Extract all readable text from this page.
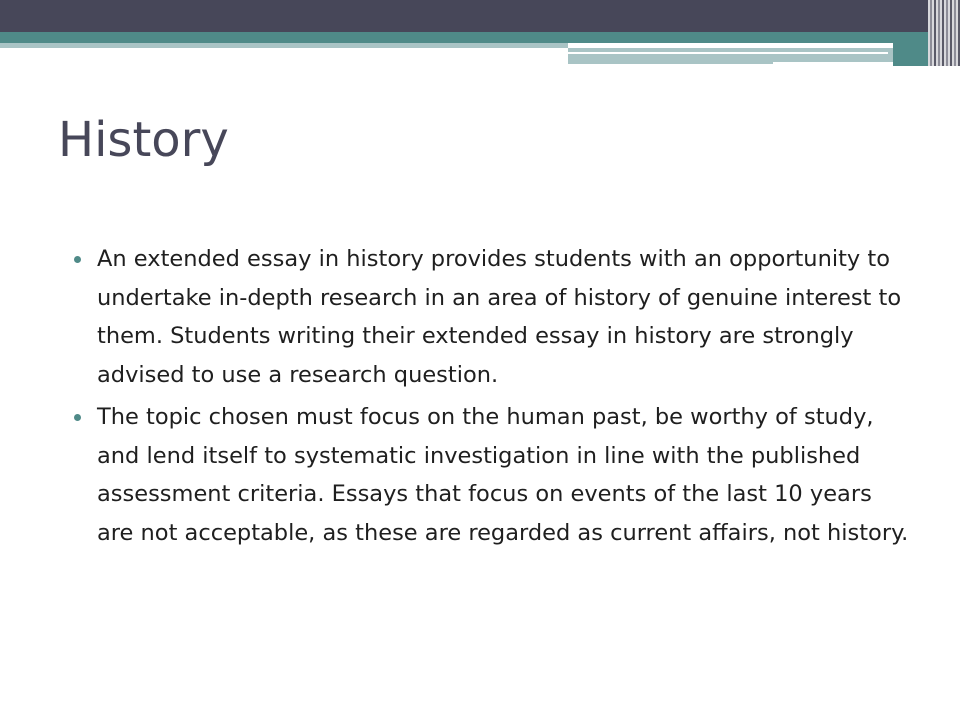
History
An extended essay in history provides students with an opportunity to undertake in-depth research in an area of history of genuine interest to them. Students writing their extended essay in history are strongly advised to use a research question.
The topic chosen must focus on the human past, be worthy of study, and lend itself to systematic investigation in line with the published assessment criteria. Essays that focus on events of the last 10 years are not acceptable, as these are regarded as current affairs, not history.
